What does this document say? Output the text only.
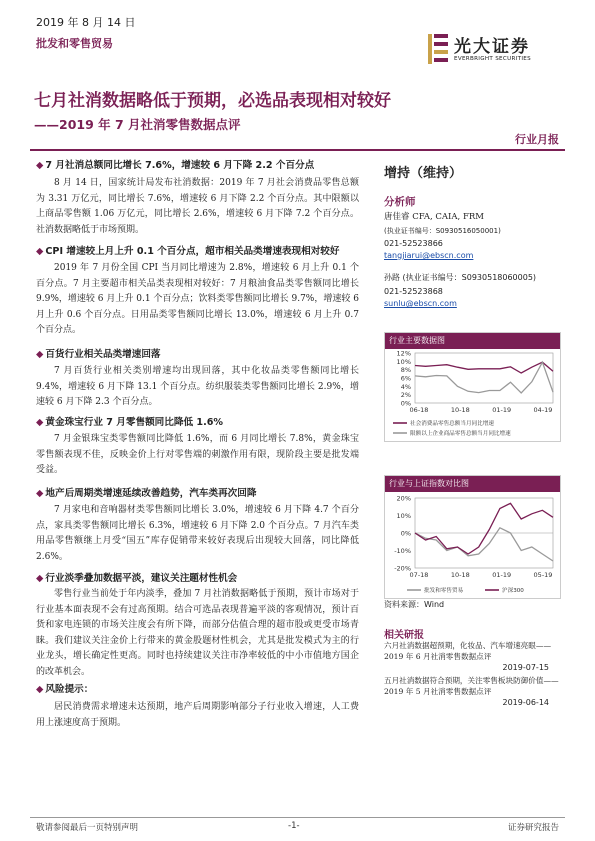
2019 年 8 月 14 日
批发和零售贸易	光大证券
EVERBRIGHT SECURITIES
七月社消数据略低于预期，必选品表现相对较好
——2019 年 7 月社消零售数据点评
行业月报
◆ 7 月社消总额同比增长 7.6%，增速较 6 月下降 2.2 个百分点
8 月 14 日，国家统计局发布社消数据：2019 年 7 月社会消费品零售总额为 3.31 万亿元，同比增长 7.6%，增速较 6 月下降 2.2 个百分点。其中限额以上商品零售额 1.06 万亿元，同比增长 2.6%，增速较 6 月下降 7.2 个百分点。社消数据略低于市场预期。
◆ CPI 增速较上月上升 0.1 个百分点，超市相关品类增速表现相对较好
2019 年 7 月份全国 CPI 当月同比增速为 2.8%，增速较 6 月上升 0.1 个百分点。7 月主要超市相关品类表现相对较好：7 月粮油食品类零售额同比增长 9.9%，增速较 6 月上升 0.1 个百分点；饮料类零售额同比增长 9.7%，增速较 6 月上升 0.6 个百分点。日用品类零售额同比增长 13.0%，增速较 6 月上升 0.7 个百分点。
◆ 百货行业相关品类增速回落
7 月百货行业相关类别增速均出现回落，其中化妆品类零售额同比增长 9.4%，增速较 6 月下降 13.1 个百分点。纺织服装类零售额同比增长 2.9%，增速较 6 月下降 2.3 个百分点。
◆ 黄金珠宝行业 7 月零售额同比降低 1.6%
7 月金银珠宝类零售额同比降低 1.6%，而 6 月同比增长 7.8%，黄金珠宝零售额表现不佳，反映金价上行对零售端的刺激作用有限，现阶段主要是批发端受益。
◆ 地产后周期类增速延续改善趋势，汽车类再次回降
7 月家电和音响器材类零售额同比增长 3.0%，增速较 6 月下降 4.7 个百分点，家具类零售额同比增长 6.3%，增速较 6 月下降 2.0 个百分点。7 月汽车类用品零售额继上月受“国五”库存促销带来较好表现后出现较大回落，同比降低 2.6%。
◆ 行业淡季叠加数据平淡，建议关注题材性机会
零售行业当前处于年内淡季，叠加 7 月社消数据略低于预期，预计市场对于行业基本面表现不会有过高预期。结合可选品表现普遍平淡的客观情况，预计百货和家电连锁的市场关注度会有所下降，而部分估值合理的超市股或更受市场青睐。我们建议关注金价上行带来的黄金股题材性机会，尤其是批发模式为主的行业龙头，增长确定性更高。同时也持续建议关注市净率较低的中小市值地方国企的改革机会。
◆ 风险提示：
居民消费需求增速未达预期，地产后周期影响部分子行业收入增速，人工费用上涨速度高于预期。
增持（维持）
分析师
唐佳睿 CFA, CAIA, FRM
(执业证书编号：S0930516050001)
021-52523866
tangjiarui@ebscn.com
孙路 (执业证书编号：S0930518060005)
021-52523868
sunlu@ebscn.com
行业主要数据图
0%
2%
4%
6%
8%
10%
12%
06-18	10-18	01-19	04-19
社会消费品零售总额当月同比增速
限额以上企业商品零售总额当月同比增速
行业与上证指数对比图
-20%
-10%
0%
10%
20%
07-18	10-18	01-19	05-19
批发和零售贸易	沪深300
资料来源：Wind
相关研报
六月社消数据超预期，化妆品、汽车增速亮眼——2019 年 6 月社消零售数据点评
2019-07-15
五月社消数据符合预期，关注零售板块防御价值——2019 年 5 月社消零售数据点评
2019-06-14
敬请参阅最后一页特别声明	-1-	证券研究报告
